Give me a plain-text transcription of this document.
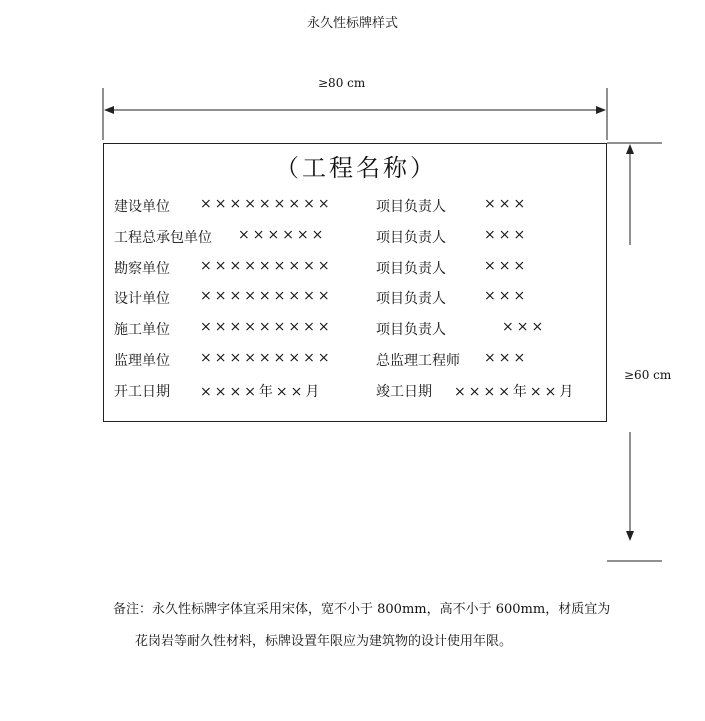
永久性标牌样式
≥80 cm
≥60 cm
（工程名称）
建设单位 ×××××××××	项目负责人	×××
工程总承包单位 ××××××	项目负责人	×××
勘察单位 ×××××××××	项目负责人	×××
设计单位 ×××××××××	项目负责人	×××
施工单位 ×××××××××	项目负责人	×××
监理单位 ×××××××××	总监理工程师 ×××
开工日期 ××××年××月	竣工日期 ××××年××月
备注：永久性标牌字体宜采用宋体，宽不小于 800mm，高不小于 600mm，材质宜为
花岗岩等耐久性材料，标牌设置年限应为建筑物的设计使用年限。
